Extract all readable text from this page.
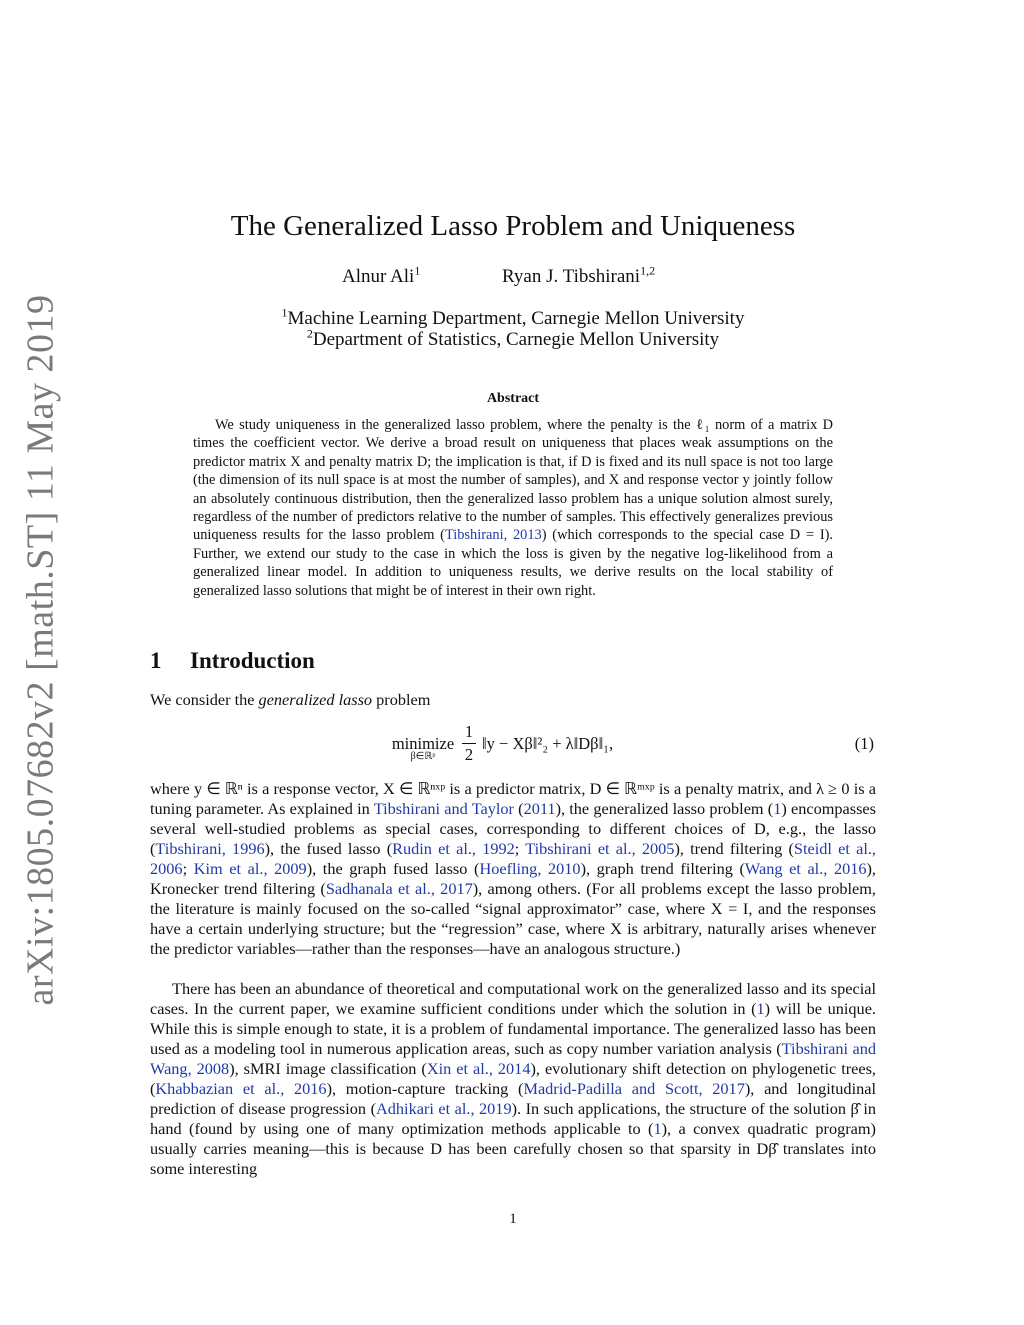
arXiv:1805.07682v2 [math.ST] 11 May 2019
The Generalized Lasso Problem and Uniqueness
Alnur Ali$^1$	Ryan J. Tibshirani$^{1,2}$
$^1$Machine Learning Department, Carnegie Mellon University
$^2$Department of Statistics, Carnegie Mellon University
Abstract
We study uniqueness in the generalized lasso problem, where the penalty is the ℓ₁ norm of a matrix D times the coefficient vector. We derive a broad result on uniqueness that places weak assumptions on the predictor matrix X and penalty matrix D; the implication is that, if D is fixed and its null space is not too large (the dimension of its null space is at most the number of samples), and X and response vector y jointly follow an absolutely continuous distribution, then the generalized lasso problem has a unique solution almost surely, regardless of the number of predictors relative to the number of samples. This effectively generalizes previous uniqueness results for the lasso problem (Tibshirani, 2013) (which corresponds to the special case D = I). Further, we extend our study to the case in which the loss is given by the negative log-likelihood from a generalized linear model. In addition to uniqueness results, we derive results on the local stability of generalized lasso solutions that might be of interest in their own right.
1 Introduction
We consider the generalized lasso problem
minimize
β∈ℝᵖ
1
2
‖y − Xβ‖²₂ + λ‖Dβ‖₁,	(1)
where y ∈ ℝⁿ is a response vector, X ∈ ℝⁿˣᵖ is a predictor matrix, D ∈ ℝᵐˣᵖ is a penalty matrix, and λ ≥ 0 is a tuning parameter. As explained in Tibshirani and Taylor (2011), the generalized lasso problem (1) encompasses several well-studied problems as special cases, corresponding to different choices of D, e.g., the lasso (Tibshirani, 1996), the fused lasso (Rudin et al., 1992; Tibshirani et al., 2005), trend filtering (Steidl et al., 2006; Kim et al., 2009), the graph fused lasso (Hoefling, 2010), graph trend filtering (Wang et al., 2016), Kronecker trend filtering (Sadhanala et al., 2017), among others. (For all problems except the lasso problem, the literature is mainly focused on the so-called “signal approximator” case, where X = I, and the responses have a certain underlying structure; but the “regression” case, where X is arbitrary, naturally arises whenever the predictor variables—rather than the responses—have an analogous structure.)
There has been an abundance of theoretical and computational work on the generalized lasso and its special cases. In the current paper, we examine sufficient conditions under which the solution in (1) will be unique. While this is simple enough to state, it is a problem of fundamental importance. The generalized lasso has been used as a modeling tool in numerous application areas, such as copy number variation analysis (Tibshirani and Wang, 2008), sMRI image classification (Xin et al., 2014), evolutionary shift detection on phylogenetic trees, (Khabbazian et al., 2016), motion-capture tracking (Madrid-Padilla and Scott, 2017), and longitudinal prediction of disease progression (Adhikari et al., 2019). In such applications, the structure of the solution β̂ in hand (found by using one of many optimization methods applicable to (1), a convex quadratic program) usually carries meaning—this is because D has been carefully chosen so that sparsity in Dβ̂ translates into some interesting
1
